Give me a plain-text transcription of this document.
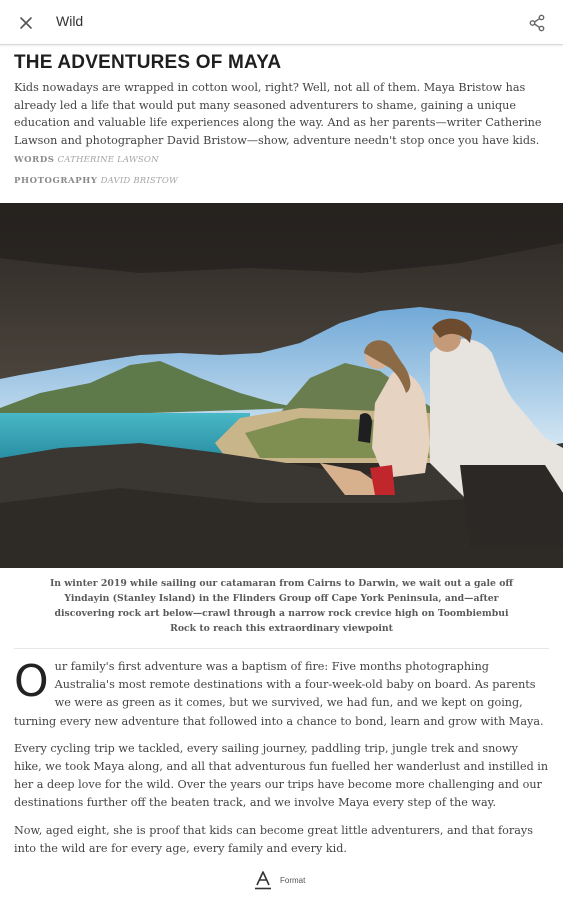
Wild
THE ADVENTURES OF MAYA

Kids nowadays are wrapped in cotton wool, right? Well, not all of them. Maya Bristow has already led a life that would put many seasoned adventurers to shame, gaining a unique education and valuable life experiences along the way. And as her parents—writer Catherine Lawson and photographer David Bristow—show, adventure needn't stop once you have kids.

WORDS CATHERINE LAWSON
PHOTOGRAPHY DAVID BRISTOW

In winter 2019 while sailing our catamaran from Cairns to Darwin, we wait out a gale off Yindayin (Stanley Island) in the Flinders Group off Cape York Peninsula, and—after discovering rock art below—crawl through a narrow rock crevice high on Toombiembui Rock to reach this extraordinary viewpoint

Our family's first adventure was a baptism of fire: Five months photographing Australia's most remote destinations with a four-week-old baby on board. As parents we were as green as it comes, but we survived, we had fun, and we kept on going, turning every new adventure that followed into a chance to bond, learn and grow with Maya.

Every cycling trip we tackled, every sailing journey, paddling trip, jungle trek and snowy hike, we took Maya along, and all that adventurous fun fuelled her wanderlust and instilled in her a deep love for the wild. Over the years our trips have become more challenging and our destinations further off the beaten track, and we involve Maya every step of the way.

Now, aged eight, she is proof that kids can become great little adventurers, and that forays into the wild are for every age, every family and every kid.

Format
